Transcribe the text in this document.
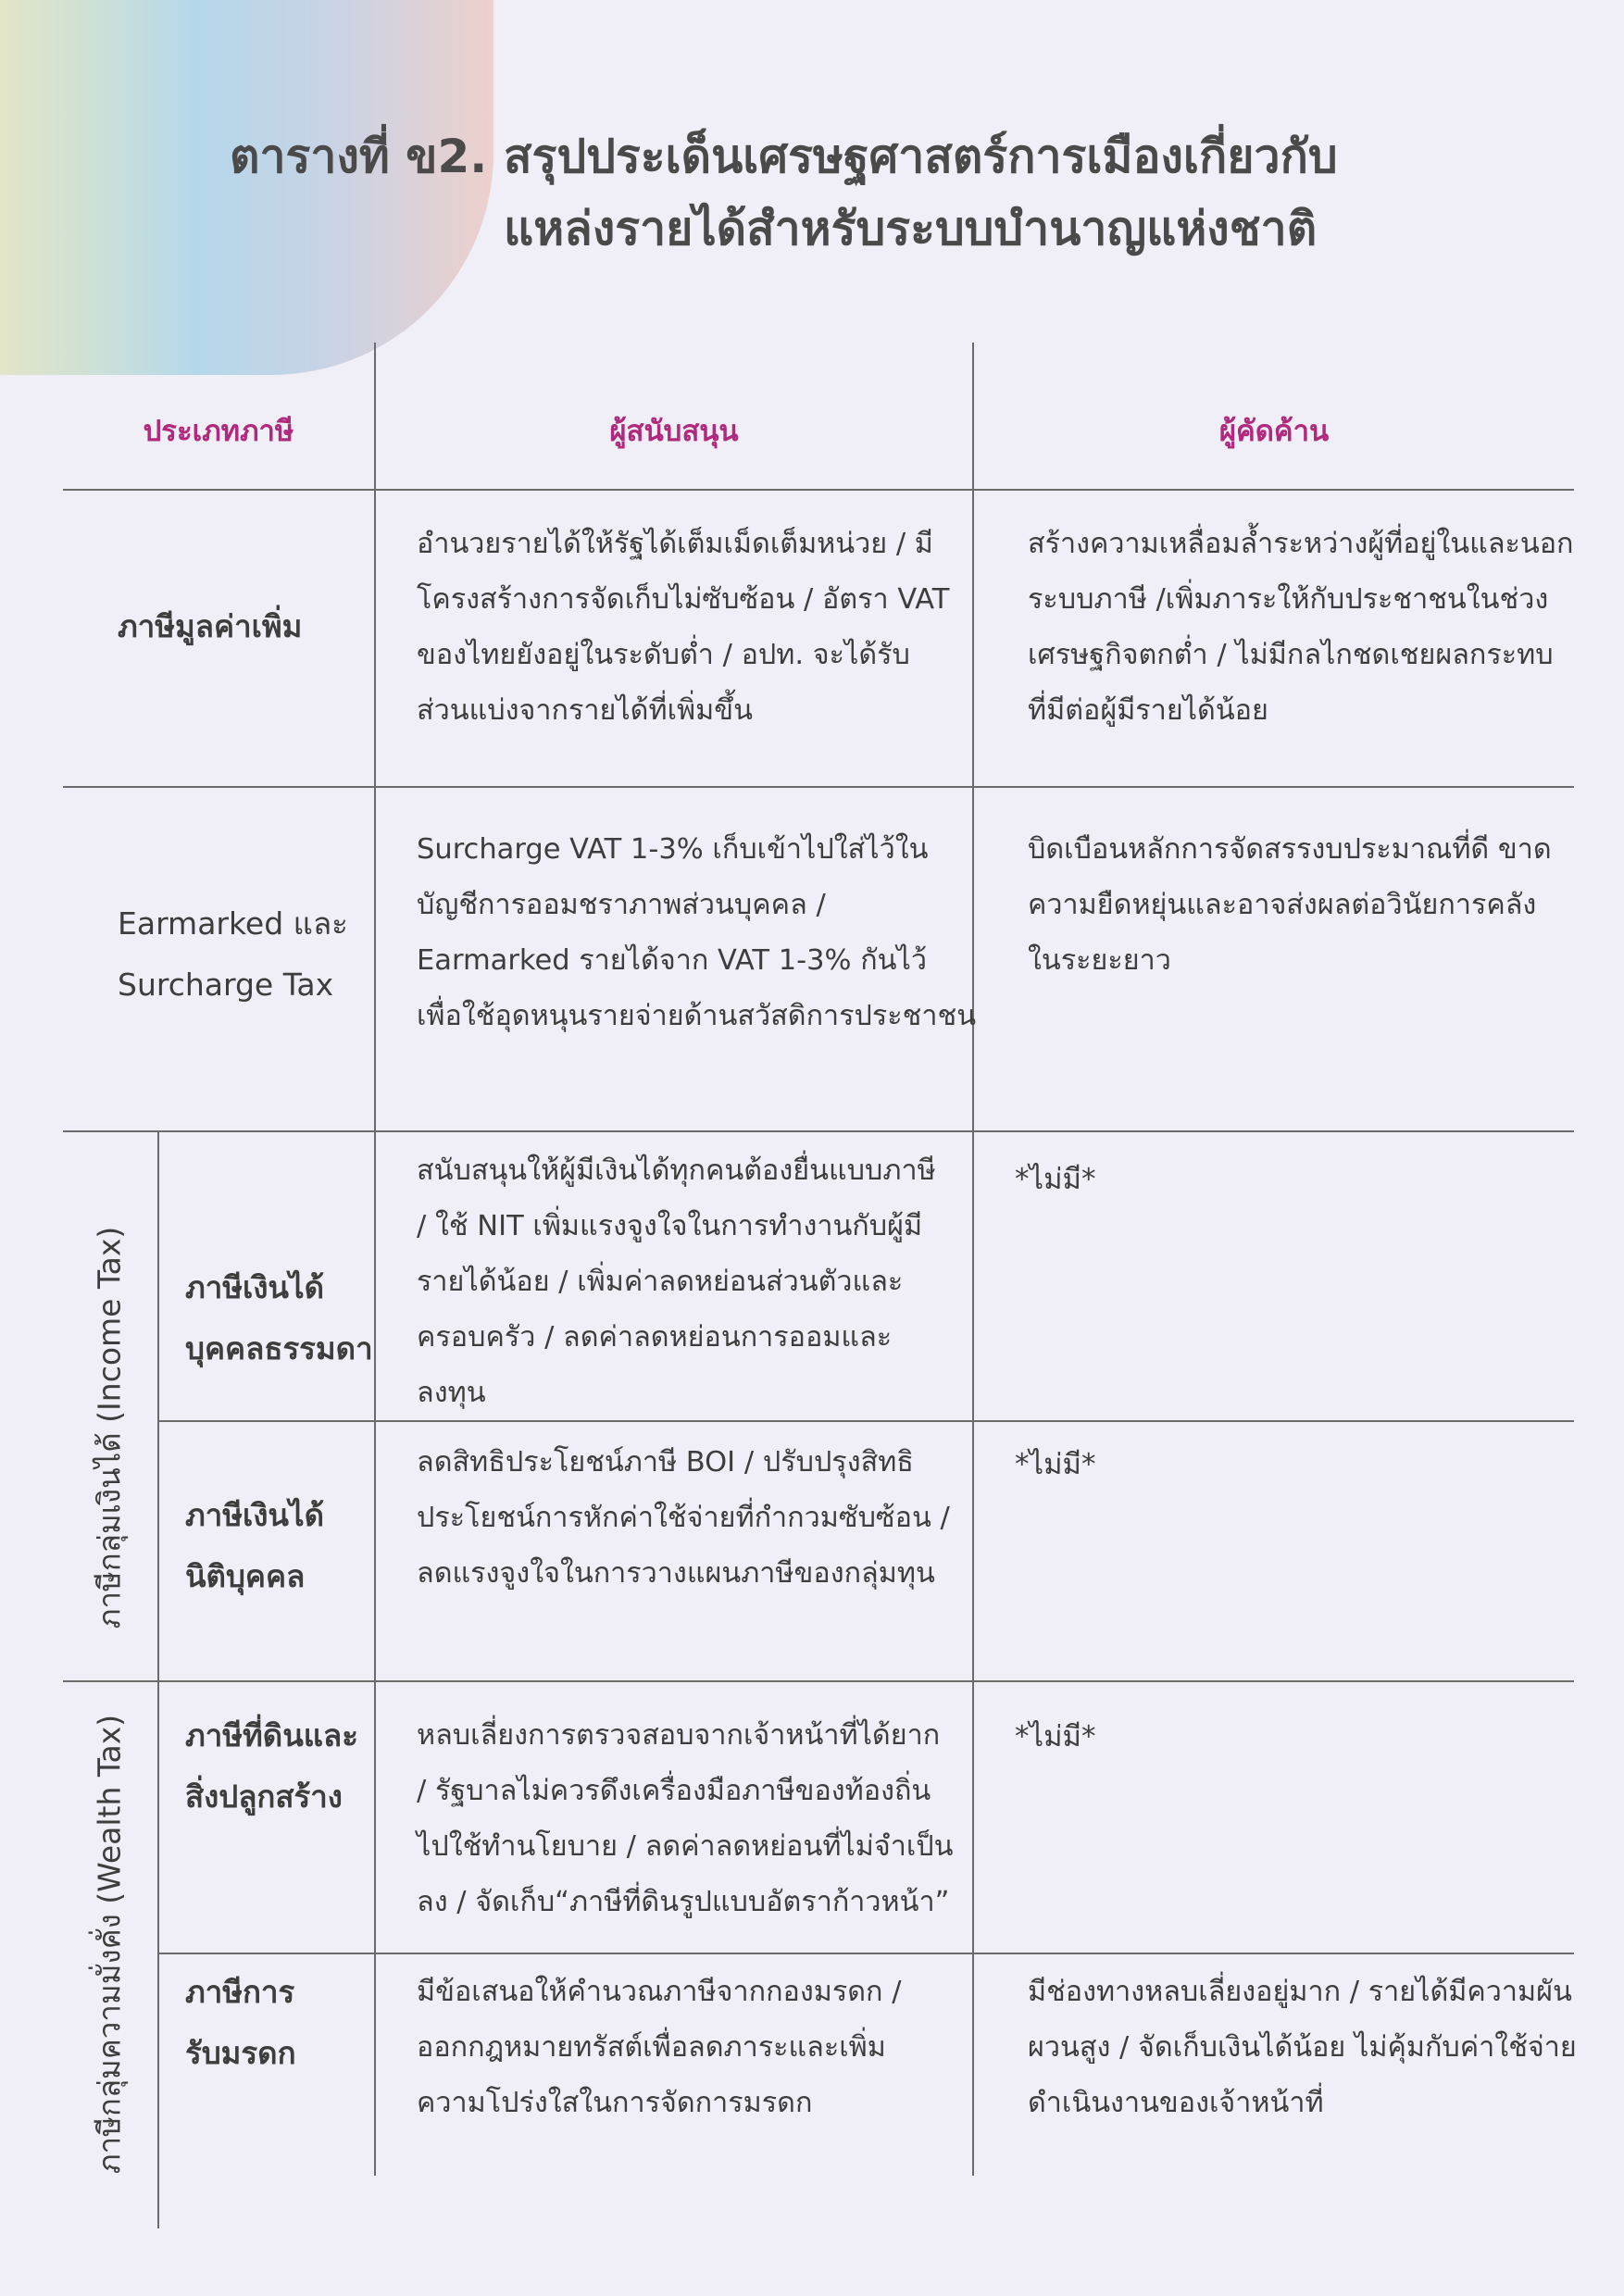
ตารางที่ ข2. สรุปประเด็นเศรษฐศาสตร์การเมืองเกี่ยวกับ
แหล่งรายได้สำหรับระบบบำนาญแห่งชาติ
ประเภทภาษี	ผู้สนับสนุน	ผู้คัดค้าน
ภาษีมูลค่าเพิ่ม
อำนวยรายได้ให้รัฐได้เต็มเม็ดเต็มหน่วย / มี
โครงสร้างการจัดเก็บไม่ซับซ้อน / อัตรา VAT
ของไทยยังอยู่ในระดับต่ำ / อปท. จะได้รับ
ส่วนแบ่งจากรายได้ที่เพิ่มขึ้น
สร้างความเหลื่อมล้ำระหว่างผู้ที่อยู่ในและนอก
ระบบภาษี /เพิ่มภาระให้กับประชาชนในช่วง
เศรษฐกิจตกต่ำ / ไม่มีกลไกชดเชยผลกระทบ
ที่มีต่อผู้มีรายได้น้อย
Earmarked และ
Surcharge Tax
Surcharge VAT 1-3% เก็บเข้าไปใส่ไว้ใน
บัญชีการออมชราภาพส่วนบุคคล /
Earmarked รายได้จาก VAT 1-3% กันไว้
เพื่อใช้อุดหนุนรายจ่ายด้านสวัสดิการประชาชน
บิดเบือนหลักการจัดสรรงบประมาณที่ดี ขาด
ความยืดหยุ่นและอาจส่งผลต่อวินัยการคลัง
ในระยะยาว
ภาษีกลุ่มเงินได้ (Income Tax) ภาษีเงินได้
บุคคลธรรมดา
สนับสนุนให้ผู้มีเงินได้ทุกคนต้องยื่นแบบภาษี
/ ใช้ NIT เพิ่มแรงจูงใจในการทำงานกับผู้มี
รายได้น้อย / เพิ่มค่าลดหย่อนส่วนตัวและ
ครอบครัว / ลดค่าลดหย่อนการออมและ
ลงทุน
*ไม่มี*
ภาษีเงินได้
นิติบุคคล
ลดสิทธิประโยชน์ภาษี BOI / ปรับปรุงสิทธิ
ประโยชน์การหักค่าใช้จ่ายที่กำกวมซับซ้อน /
ลดแรงจูงใจในการวางแผนภาษีของกลุ่มทุน
*ไม่มี*
ภาษีกลุ่มความมั่งคั่ง (Wealth Tax) ภาษีที่ดินและ
สิ่งปลูกสร้าง
หลบเลี่ยงการตรวจสอบจากเจ้าหน้าที่ได้ยาก
/ รัฐบาลไม่ควรดึงเครื่องมือภาษีของท้องถิ่น
ไปใช้ทำนโยบาย / ลดค่าลดหย่อนที่ไม่จำเป็น
ลง / จัดเก็บ“ภาษีที่ดินรูปแบบอัตราก้าวหน้า”
*ไม่มี*
ภาษีการ
รับมรดก
มีข้อเสนอให้คำนวณภาษีจากกองมรดก /
ออกกฎหมายทรัสต์เพื่อลดภาระและเพิ่ม
ความโปร่งใสในการจัดการมรดก
มีช่องทางหลบเลี่ยงอยู่มาก / รายได้มีความผัน
ผวนสูง / จัดเก็บเงินได้น้อย ไม่คุ้มกับค่าใช้จ่าย
ดำเนินงานของเจ้าหน้าที่
